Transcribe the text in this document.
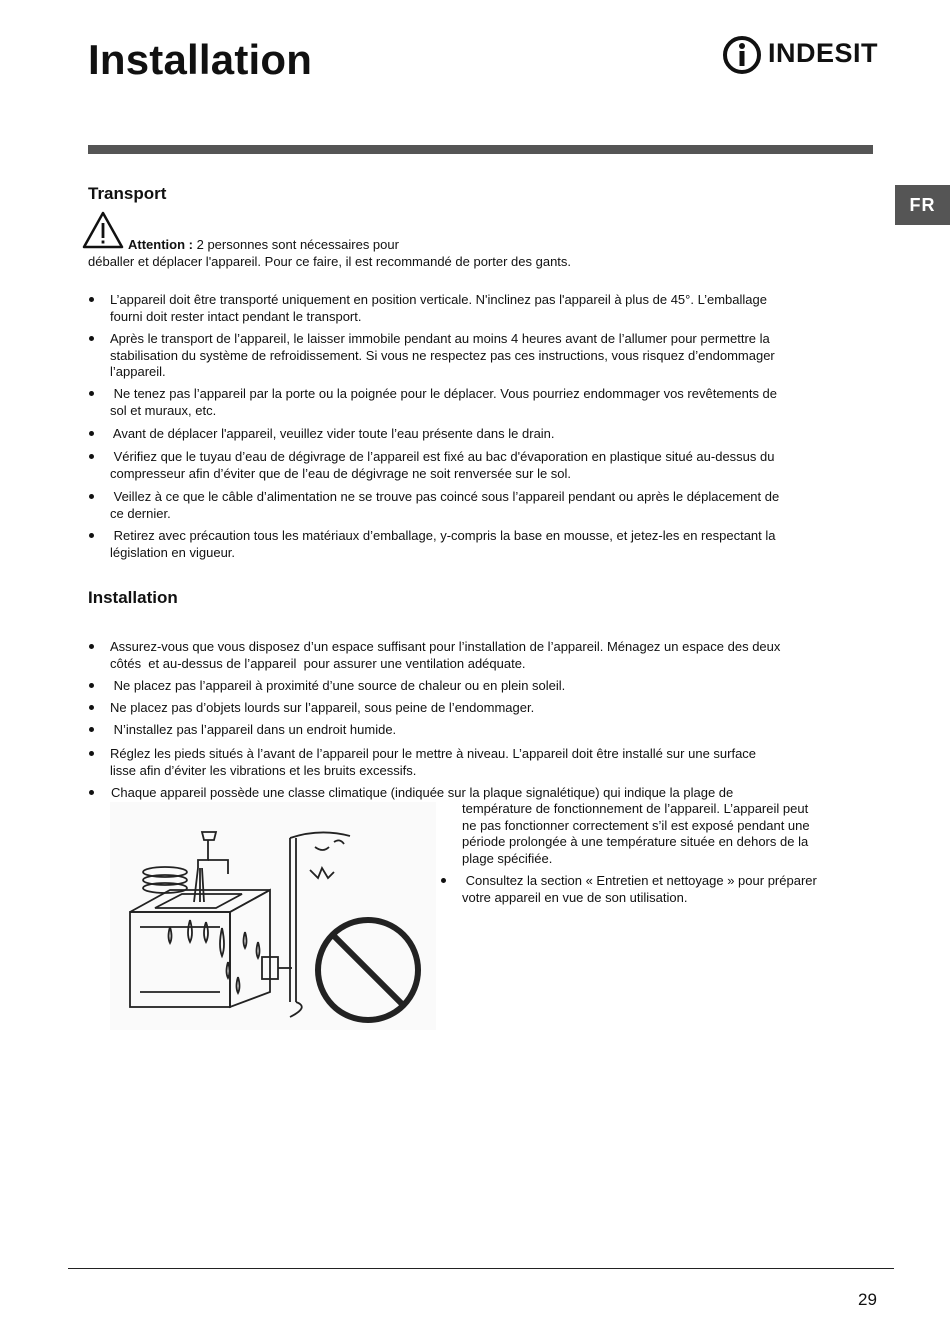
Installation	INDESIT
FR
Transport
Attention : 2 personnes sont nécessaires pour
déballer et déplacer l'appareil. Pour ce faire, il est recommandé de porter des gants.
L’appareil doit être transporté uniquement en position verticale. N'inclinez pas l'appareil à plus de 45°. L’emballage
fourni doit rester intact pendant le transport.
Après le transport de l’appareil, le laisser immobile pendant au moins 4 heures avant de l’allumer pour permettre la
stabilisation du système de refroidissement. Si vous ne respectez pas ces instructions, vous risquez d’endommager
l’appareil.
Ne tenez pas l’appareil par la porte ou la poignée pour le déplacer. Vous pourriez endommager vos revêtements de
sol et muraux, etc.
Avant de déplacer l'appareil, veuillez vider toute l’eau présente dans le drain.
Vérifiez que le tuyau d’eau de dégivrage de l’appareil est fixé au bac d'évaporation en plastique situé au-dessus du
compresseur afin d’éviter que de l’eau de dégivrage ne soit renversée sur le sol.
Veillez à ce que le câble d’alimentation ne se trouve pas coincé sous l’appareil pendant ou après le déplacement de
ce dernier.
Retirez avec précaution tous les matériaux d’emballage, y-compris la base en mousse, et jetez-les en respectant la
législation en vigueur.
Installation
Assurez-vous que vous disposez d’un espace suffisant pour l’installation de l’appareil. Ménagez un espace des deux
côtés  et au-dessus de l’appareil  pour assurer une ventilation adéquate.
Ne placez pas l’appareil à proximité d’une source de chaleur ou en plein soleil.
Ne placez pas d’objets lourds sur l’appareil, sous peine de l’endommager.
N’installez pas l’appareil dans un endroit humide.
Réglez les pieds situés à l’avant de l’appareil pour le mettre à niveau. L’appareil doit être installé sur une surface
lisse afin d’éviter les vibrations et les bruits excessifs.
Chaque appareil possède une classe climatique (indiquée sur la plaque signalétique) qui indique la plage de
température de fonctionnement de l’appareil. L’appareil peut
ne pas fonctionner correctement s’il est exposé pendant une
période prolongée à une température située en dehors de la
plage spécifiée.
Consultez la section « Entretien et nettoyage » pour préparer
votre appareil en vue de son utilisation.
29
